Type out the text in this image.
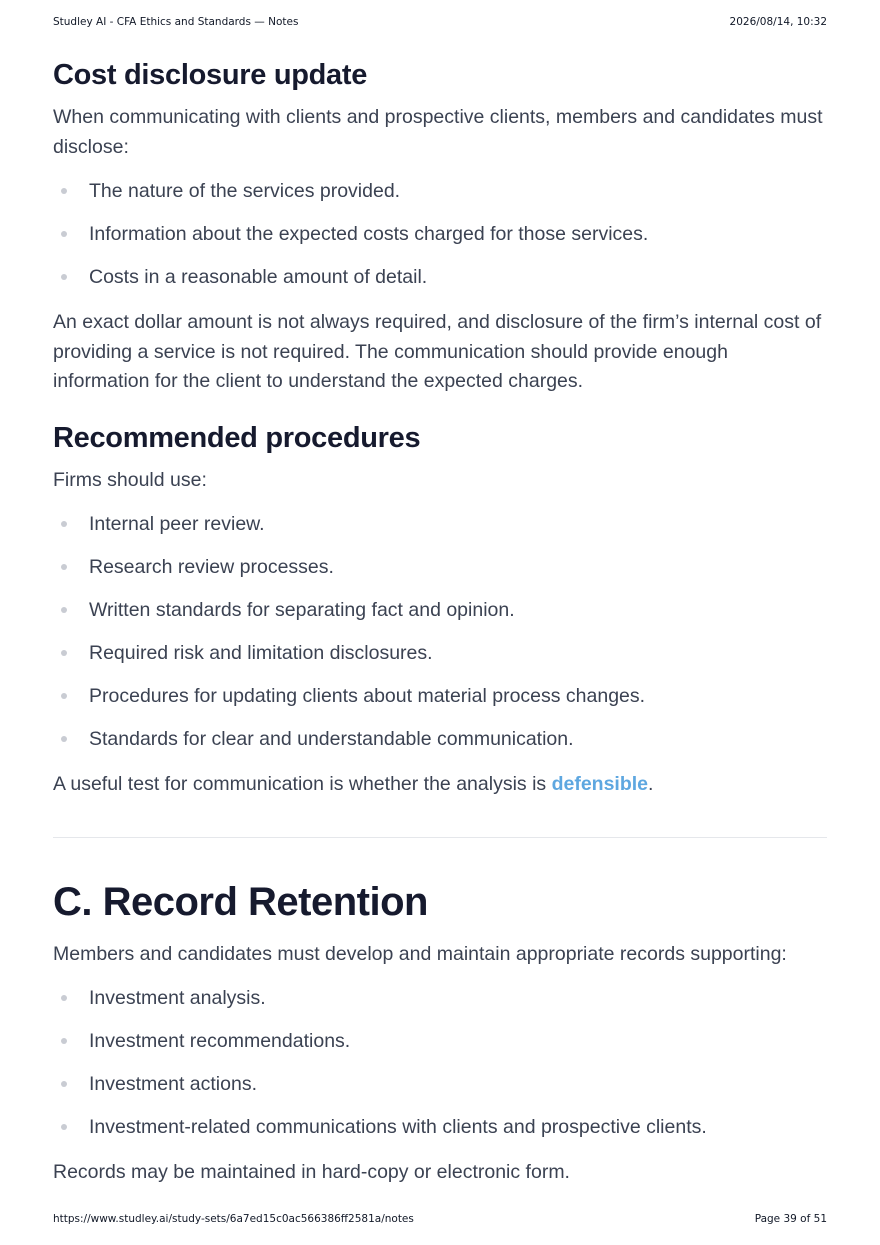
Studley AI - CFA Ethics and Standards — Notes	2026/08/14, 10:32
Cost disclosure update

When communicating with clients and prospective clients, members and candidates must disclose:

The nature of the services provided.
Information about the expected costs charged for those services.
Costs in a reasonable amount of detail.

An exact dollar amount is not always required, and disclosure of the firm’s internal cost of providing a service is not required. The communication should provide enough information for the client to understand the expected charges.

Recommended procedures

Firms should use:

Internal peer review.
Research review processes.
Written standards for separating fact and opinion.
Required risk and limitation disclosures.
Procedures for updating clients about material process changes.
Standards for clear and understandable communication.

A useful test for communication is whether the analysis is defensible.

C. Record Retention

Members and candidates must develop and maintain appropriate records supporting:

Investment analysis.
Investment recommendations.
Investment actions.
Investment-related communications with clients and prospective clients.

Records may be maintained in hard-copy or electronic form.

https://www.studley.ai/study-sets/6a7ed15c0ac566386ff2581a/notes	Page 39 of 51
